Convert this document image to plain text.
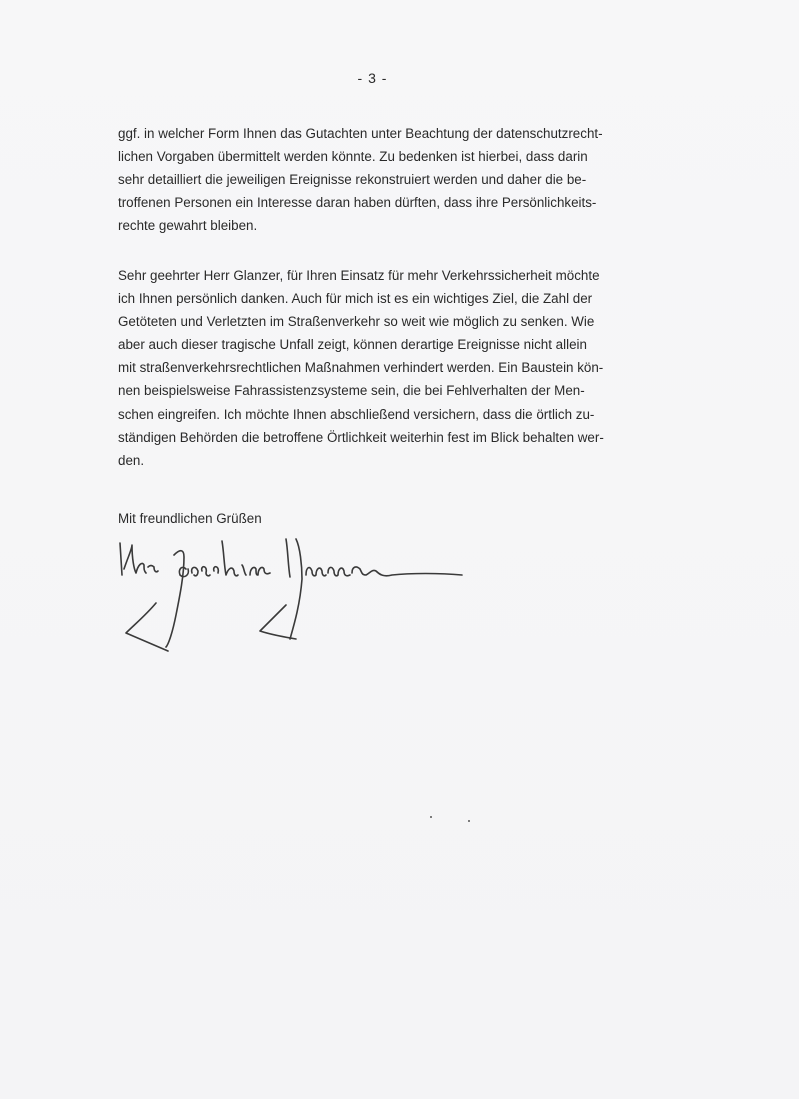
- 3 -

ggf. in welcher Form Ihnen das Gutachten unter Beachtung der datenschutzrecht-
lichen Vorgaben übermittelt werden könnte. Zu bedenken ist hierbei, dass darin
sehr detailliert die jeweiligen Ereignisse rekonstruiert werden und daher die be-
troffenen Personen ein Interesse daran haben dürften, dass ihre Persönlichkeits-
rechte gewahrt bleiben.

Sehr geehrter Herr Glanzer, für Ihren Einsatz für mehr Verkehrssicherheit möchte
ich Ihnen persönlich danken. Auch für mich ist es ein wichtiges Ziel, die Zahl der
Getöteten und Verletzten im Straßenverkehr so weit wie möglich zu senken. Wie
aber auch dieser tragische Unfall zeigt, können derartige Ereignisse nicht allein
mit straßenverkehrsrechtlichen Maßnahmen verhindert werden. Ein Baustein kön-
nen beispielsweise Fahrassistenzsysteme sein, die bei Fehlverhalten der Men-
schen eingreifen. Ich möchte Ihnen abschließend versichern, dass die örtlich zu-
ständigen Behörden die betroffene Örtlichkeit weiterhin fest im Blick behalten wer-
den.

Mit freundlichen Grüßen
